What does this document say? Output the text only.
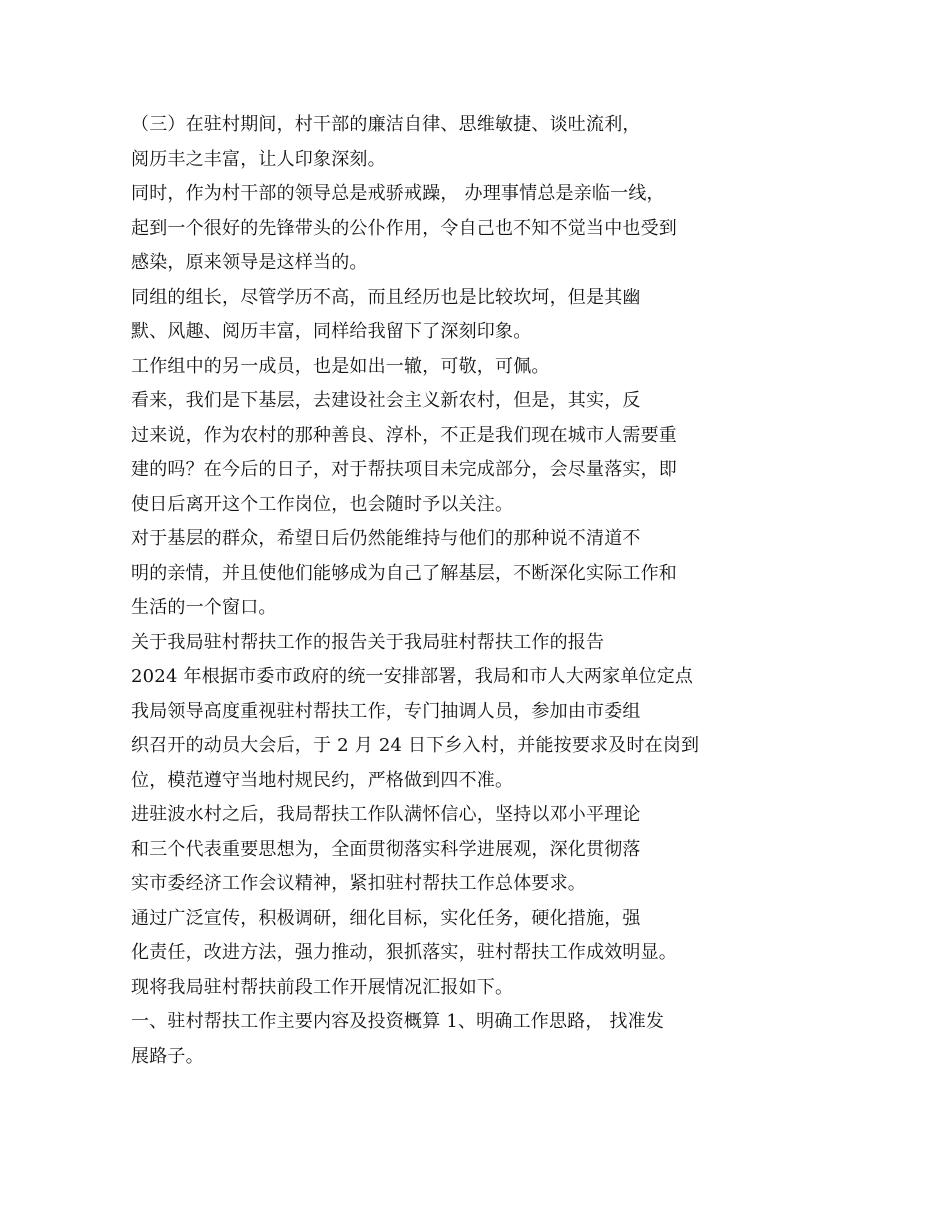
（三）在驻村期间，村干部的廉洁自律、思维敏捷、谈吐流利，
阅历丰之丰富，让人印象深刻。
同时，作为村干部的领导总是戒骄戒躁， 办理事情总是亲临一线，
起到一个很好的先锋带头的公仆作用，令自己也不知不觉当中也受到
感染，原来领导是这样当的。
同组的组长，尽管学历不高，而且经历也是比较坎坷，但是其幽
默、风趣、阅历丰富，同样给我留下了深刻印象。
工作组中的另一成员，也是如出一辙，可敬，可佩。
看来，我们是下基层，去建设社会主义新农村，但是，其实，反
过来说，作为农村的那种善良、淳朴，不正是我们现在城市人需要重
建的吗？在今后的日子，对于帮扶项目未完成部分，会尽量落实，即
使日后离开这个工作岗位，也会随时予以关注。
对于基层的群众，希望日后仍然能维持与他们的那种说不清道不
明的亲情，并且使他们能够成为自己了解基层，不断深化实际工作和
生活的一个窗口。
关于我局驻村帮扶工作的报告关于我局驻村帮扶工作的报告
2024 年根据市委市政府的统一安排部署，我局和市人大两家单位定点
我局领导高度重视驻村帮扶工作，专门抽调人员，参加由市委组
织召开的动员大会后，于 2 月 24 日下乡入村，并能按要求及时在岗到
位，模范遵守当地村规民约，严格做到四不准。
进驻波水村之后，我局帮扶工作队满怀信心，坚持以邓小平理论
和三个代表重要思想为，全面贯彻落实科学进展观，深化贯彻落
实市委经济工作会议精神，紧扣驻村帮扶工作总体要求。
通过广泛宣传，积极调研，细化目标，实化任务，硬化措施，强
化责任，改进方法，强力推动，狠抓落实，驻村帮扶工作成效明显。
现将我局驻村帮扶前段工作开展情况汇报如下。
一、驻村帮扶工作主要内容及投资概算 1、明确工作思路， 找准发
展路子。
